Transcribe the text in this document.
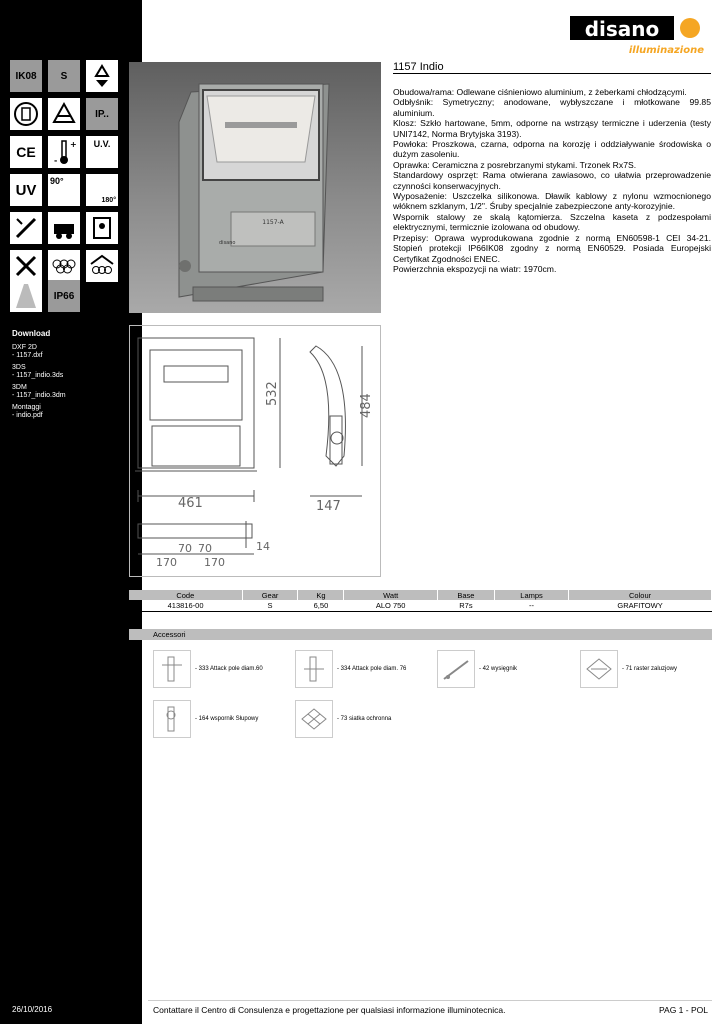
IK08 S
IP..
CE	+
-
U.V.
UV
90°
180°
IP66
Download
DXF 2D
- 1157.dxf
3DS
- 1157_indio.3ds
3DM
- 1157_indio.3dm
Montaggi
- indio.pdf
26/10/2016
disano
illuminazione
1157 Indio
1157-A
disano

Obudowa/rama: Odlewane ciśnieniowo aluminium, z żeberkami chłodzącymi.

Odbłyśnik: Symetryczny; anodowane, wybłyszczane i młotkowane 99.85 aluminium.

Klosz: Szkło hartowane, 5mm, odporne na wstrząsy termiczne i uderzenia (testy UNI7142, Norma Brytyjska 3193).

Powłoka: Proszkowa, czarna, odporna na korozję i oddziaływanie środowiska o dużym zasoleniu.

Oprawka: Ceramiczna z posrebrzanymi stykami. Trzonek Rx7S.

Standardowy osprzęt: Rama otwierana zawiasowo, co ułatwia przeprowadzenie czynności konserwacyjnych.

Wyposażenie: Uszczelka silikonowa. Dławik kablowy z nylonu wzmocnionego włóknem szklanym, 1/2". Śruby specjalnie zabezpieczone anty-korozyjnie.

Wspornik stalowy ze skalą kątomierza. Szczelna kaseta z podzespołami elektrycznymi, termicznie izolowana od obudowy.

Przepisy: Oprawa wyprodukowana zgodnie z normą EN60598-1 CEI 34-21. Stopień protekcji IP66IK08 zgodny z normą EN60529. Posiada Europejski Certyfikat Zgodności ENEC.

Powierzchnia ekspozycji na wiatr: 1970cm.

461
532	484
147
70 70
170 170
14
Code	Gear	Kg	Watt	Base	Lamps	Colour
413816-00	S	6,50	ALO 750	R7s	--	GRAFITOWY
Accessori
- 333 Attack pole diam.60	- 334 Attack pole diam. 76	- 42 wysięgnik	- 71 raster zaluzjowy
- 164 wspornik Słupowy	- 73 siatka ochronna
Contattare il Centro di Consulenza e progettazione per qualsiasi informazione illuminotecnica.	PAG 1 - POL
